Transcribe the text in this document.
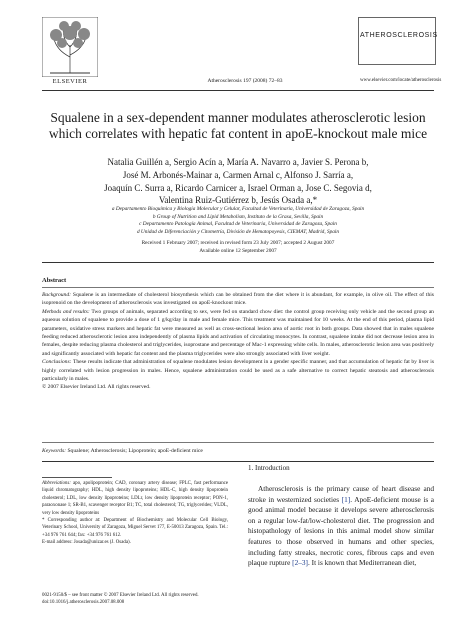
ELSEVIER	Atherosclerosis 197 (2008) 72–83
ATHEROSCLEROSIS
www.elsevier.com/locate/atherosclerosis
Squalene in a sex-dependent manner modulates atherosclerotic lesion
which correlates with hepatic fat content in apoE-knockout male mice
Natalia Guillén a, Sergio Acín a, María A. Navarro a, Javier S. Perona b,
José M. Arbonés-Mainar a, Carmen Arnal c, Alfonso J. Sarría a,
Joaquín C. Surra a, Ricardo Carnicer a, Israel Orman a, Jose C. Segovia d,
Valentina Ruiz-Gutiérrez b, Jesús Osada a,*
a Departamento Bioquímica y Biología Molecular y Celular, Facultad de Veterinaria, Universidad de Zaragoza, Spain
b Group of Nutrition and Lipid Metabolism, Instituto de la Grasa, Sevilla, Spain
c Departamento Patología Animal, Facultad de Veterinaria, Universidad de Zaragoza, Spain
d Unidad de Diferenciación y Citometría, División de Hematopoyesis, CIEMAT, Madrid, Spain
Received 1 February 2007; received in revised form 23 July 2007; accepted 2 August 2007
Available online 12 September 2007
Abstract

Background: Squalene is an intermediate of cholesterol biosynthesis which can be obtained from the diet where it is abundant, for example, in olive oil. The effect of this isoprenoid on the development of atherosclerosis was investigated on apoE-knockout mice.

Methods and results: Two groups of animals, separated according to sex, were fed on standard chow diet: the control group receiving only vehicle and the second group an aqueous solution of squalene to provide a dose of 1 g/kg/day in male and female mice. This treatment was maintained for 10 weeks. At the end of this period, plasma lipid parameters, oxidative stress markers and hepatic fat were measured as well as cross-sectional lesion area of aortic root in both groups. Data showed that in males squalene feeding reduced atherosclerotic lesion area independently of plasma lipids and activation of circulating monocytes. In contrast, squalene intake did not decrease lesion area in females, despite reducing plasma cholesterol and triglycerides, isoprostane and percentage of Mac-1 expressing white cells. In males, atherosclerotic lesion area was positively and significantly associated with hepatic fat content and the plasma triglycerides were also strongly associated with liver weight.

Conclusions: These results indicate that administration of squalene modulates lesion development in a gender specific manner, and that accumulation of hepatic fat by liver is highly correlated with lesion progression in males. Hence, squalene administration could be used as a safe alternative to correct hepatic steatosis and atherosclerosis particularly in males.

© 2007 Elsevier Ireland Ltd. All rights reserved.

Keywords: Squalene; Atherosclerosis; Lipoprotein; apoE-deficient mice

Abbreviations: apo, apolipoprotein; CAD, coronary artery disease; FPLC, fast performance liquid chromatography; HDL, high density lipoproteins; HDL-C, high density lipoprotein cholesterol; LDL, low density lipoproteins; LDLr, low density lipoprotein receptor; PON-1, paraoxonase 1; SR-B1, scavenger receptor B1; TC, total cholesterol; TG, triglycerides; VLDL, very low density lipoproteins

* Corresponding author at: Department of Biochemistry and Molecular Cell Biology, Veterinary School, University of Zaragoza, Miguel Servet 177, E-50013 Zaragoza, Spain. Tel.: +34 976 761 644; fax: +34 976 761 612.

E-mail address: Josada@unizar.es (J. Osada).

0021-9150/$ – see front matter © 2007 Elsevier Ireland Ltd. All rights reserved.

doi:10.1016/j.atherosclerosis.2007.08.008

1. Introduction
Atherosclerosis is the primary cause of heart disease and stroke in westernized societies [1]. ApoE-deficient mouse is a good animal model because it develops severe atherosclerosis on a regular low-fat/low-cholesterol diet. The progression and histopathology of lesions in this animal model show similar features to those observed in humans and other species, including fatty streaks, necrotic cores, fibrous caps and even plaque rupture [2–3]. It is known that Mediterranean diet,
